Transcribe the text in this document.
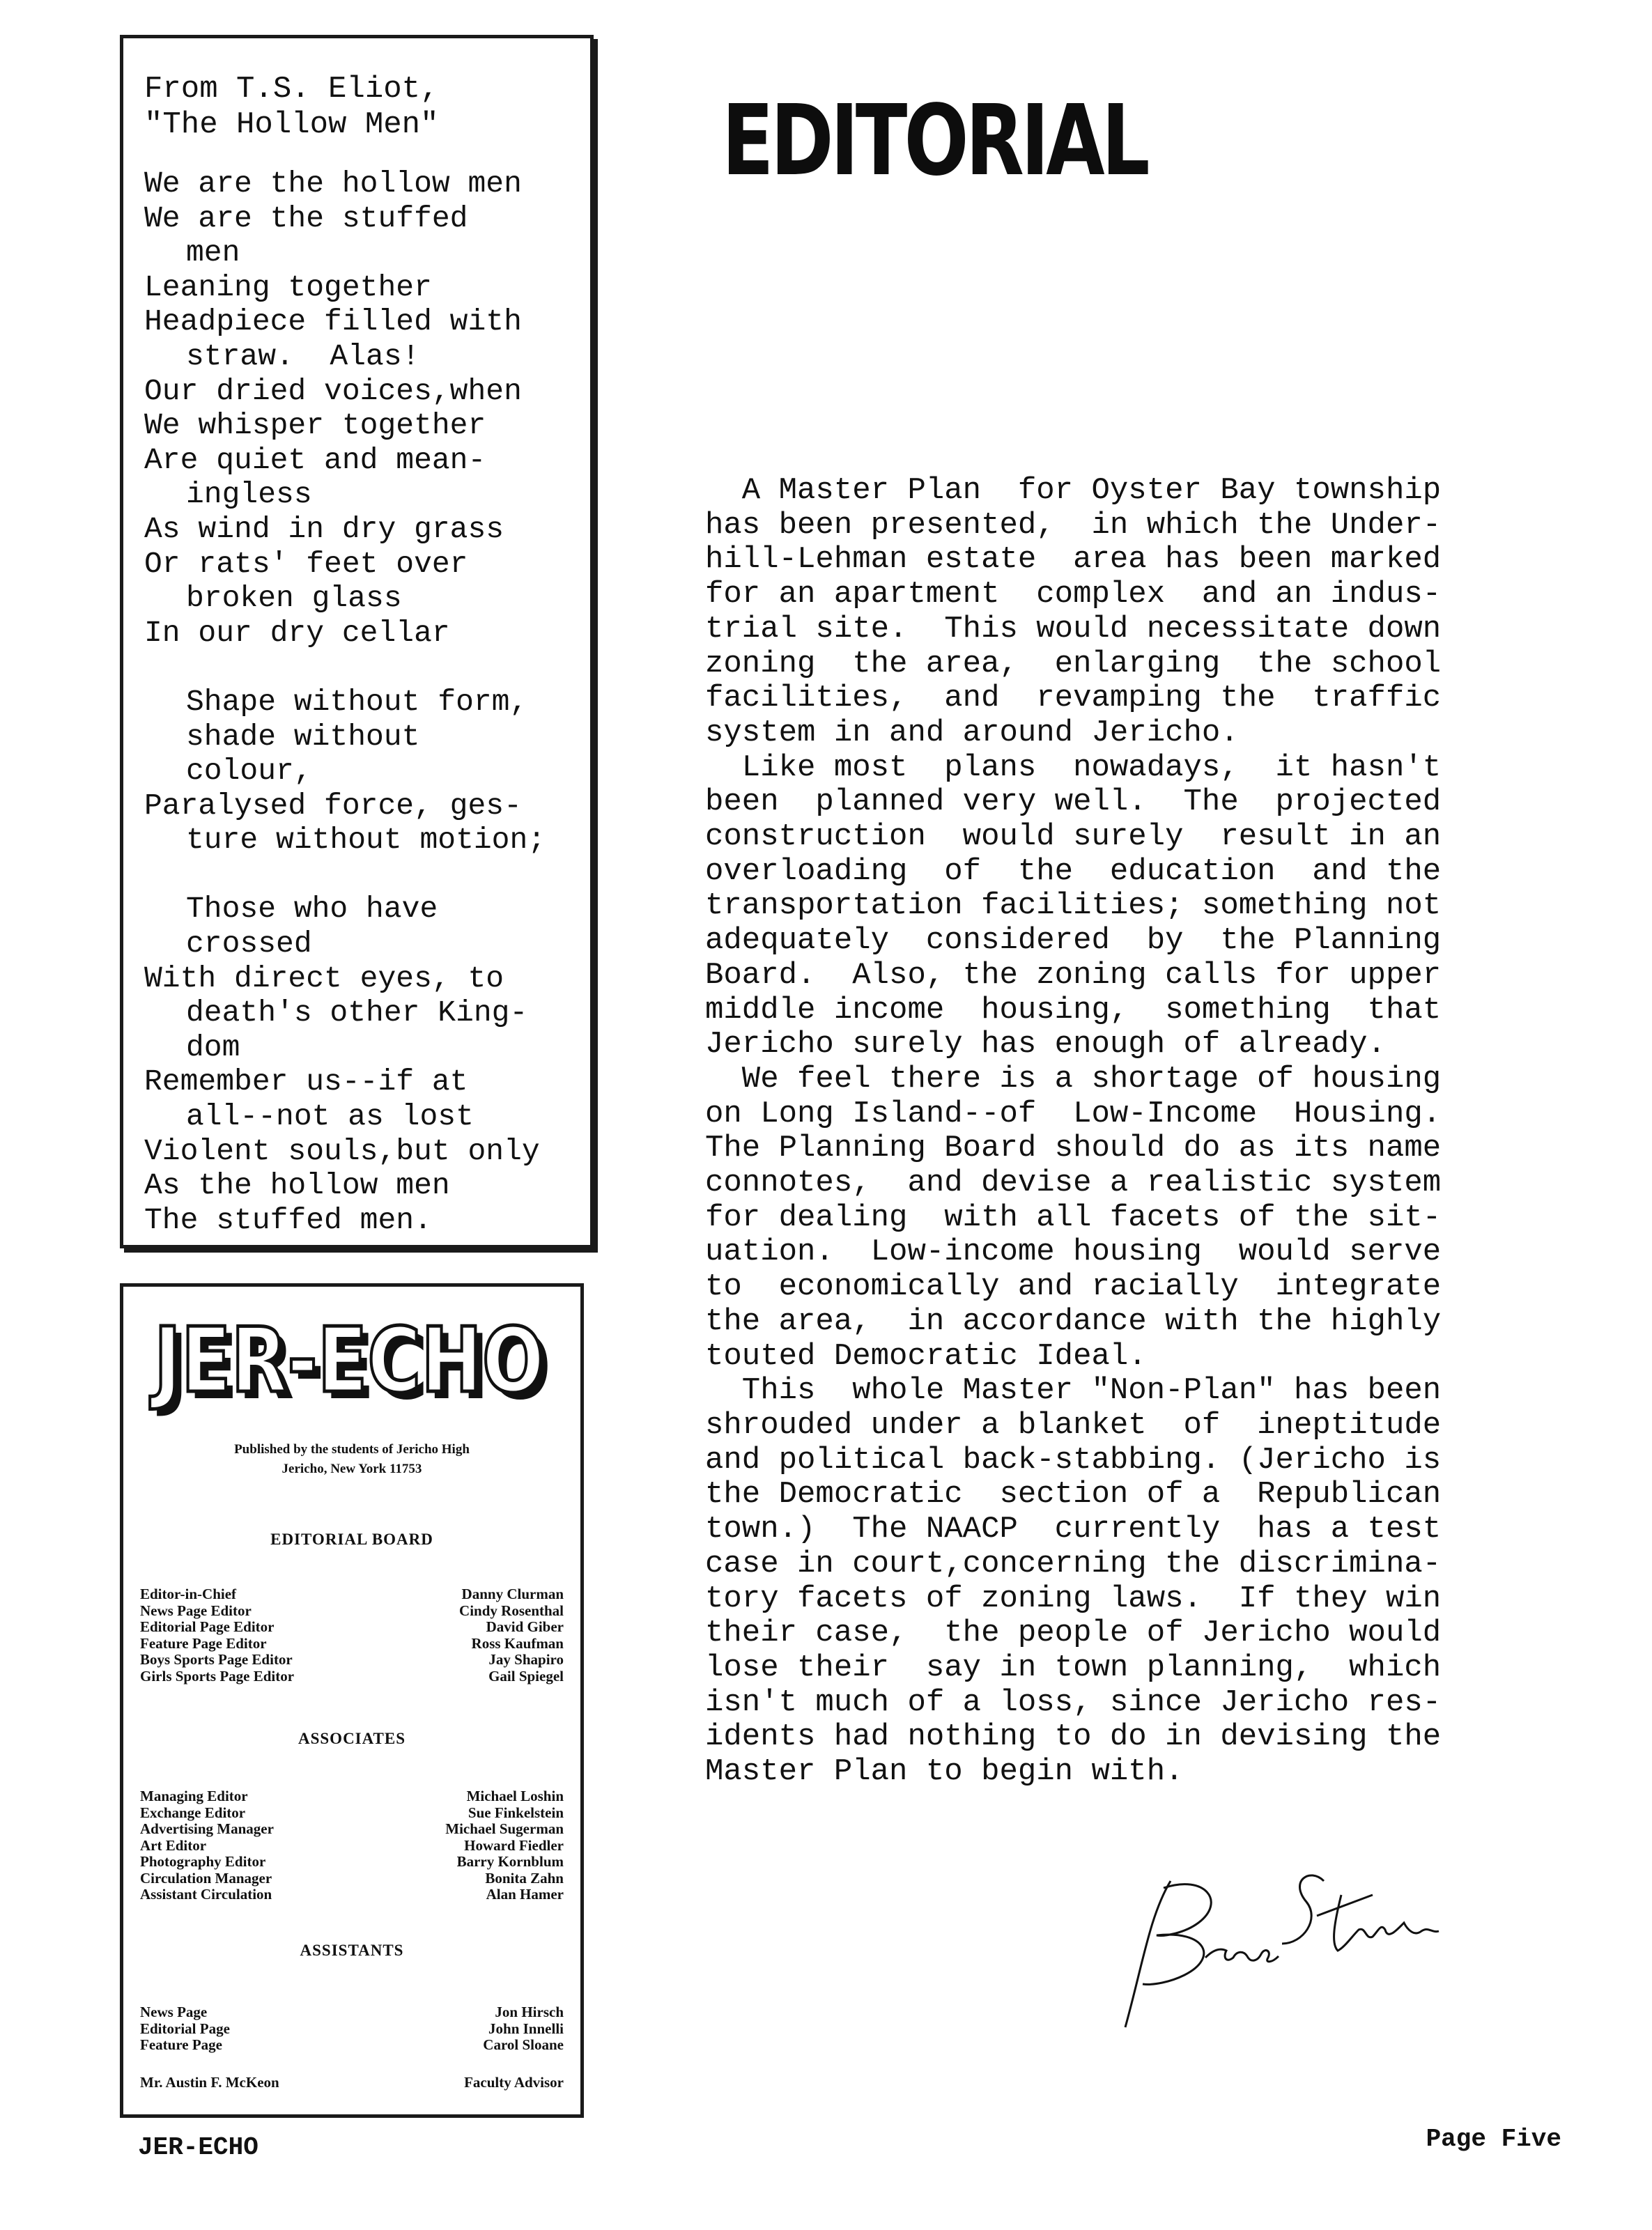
From T.S. Eliot,
"The Hollow Men"
We are the hollow men
We are the stuffed
men
Leaning together
Headpiece filled with
straw.  Alas!
Our dried voices,when
We whisper together
Are quiet and mean-
ingless
As wind in dry grass
Or rats' feet over
broken glass
In our dry cellar
Shape without form,
shade without
colour,
Paralysed force, ges-
ture without motion;
Those who have
crossed
With direct eyes, to
death's other King-
dom
Remember us--if at
all--not as lost
Violent souls,but only
As the hollow men
The stuffed men.
JER-ECHO
JER-ECHO
Published by the students of Jericho High
Jericho, New York 11753
EDITORIAL BOARD
Editor-in-Chief
News Page Editor
Editorial Page Editor
Feature Page Editor
Boys Sports Page Editor
Girls Sports Page Editor
Danny Clurman
Cindy Rosenthal
David Giber
Ross Kaufman
Jay Shapiro
Gail Spiegel
ASSOCIATES
Managing Editor
Exchange Editor
Advertising Manager
Art Editor
Photography Editor
Circulation Manager
Assistant Circulation
Michael Loshin
Sue Finkelstein
Michael Sugerman
Howard Fiedler
Barry Kornblum
Bonita Zahn
Alan Hamer
ASSISTANTS
News Page
Editorial Page
Feature Page
Jon Hirsch
John Innelli
Carol Sloane
Mr. Austin F. McKeon	Faculty Advisor
EDITORIAL
A Master Plan  for Oyster Bay township
has been presented,  in which the Under-
hill-Lehman estate  area has been marked
for an apartment  complex  and an indus-
trial site.  This would necessitate down
zoning  the area,  enlarging  the school
facilities,  and  revamping the  traffic
system in and around Jericho.
Like most  plans  nowadays,  it hasn't
been  planned very well.  The  projected
construction  would surely  result in an
overloading  of  the  education  and the
transportation facilities; something not
adequately  considered  by  the Planning
Board.  Also, the zoning calls for upper
middle income  housing,  something  that
Jericho surely has enough of already.
We feel there is a shortage of housing
on Long Island--of  Low-Income  Housing.
The Planning Board should do as its name
connotes,  and devise a realistic system
for dealing  with all facets of the sit-
uation.  Low-income housing  would serve
to  economically and racially  integrate
the area,  in accordance with the highly
touted Democratic Ideal.
This  whole Master "Non-Plan" has been
shrouded under a blanket  of  ineptitude
and political back-stabbing. (Jericho is
the Democratic  section of a  Republican
town.)  The NAACP  currently  has a test
case in court,concerning the discrimina-
tory facets of zoning laws.  If they win
their case,  the people of Jericho would
lose their  say in town planning,  which
isn't much of a loss, since Jericho res-
idents had nothing to do in devising the
Master Plan to begin with.
JER-ECHO	Page Five
